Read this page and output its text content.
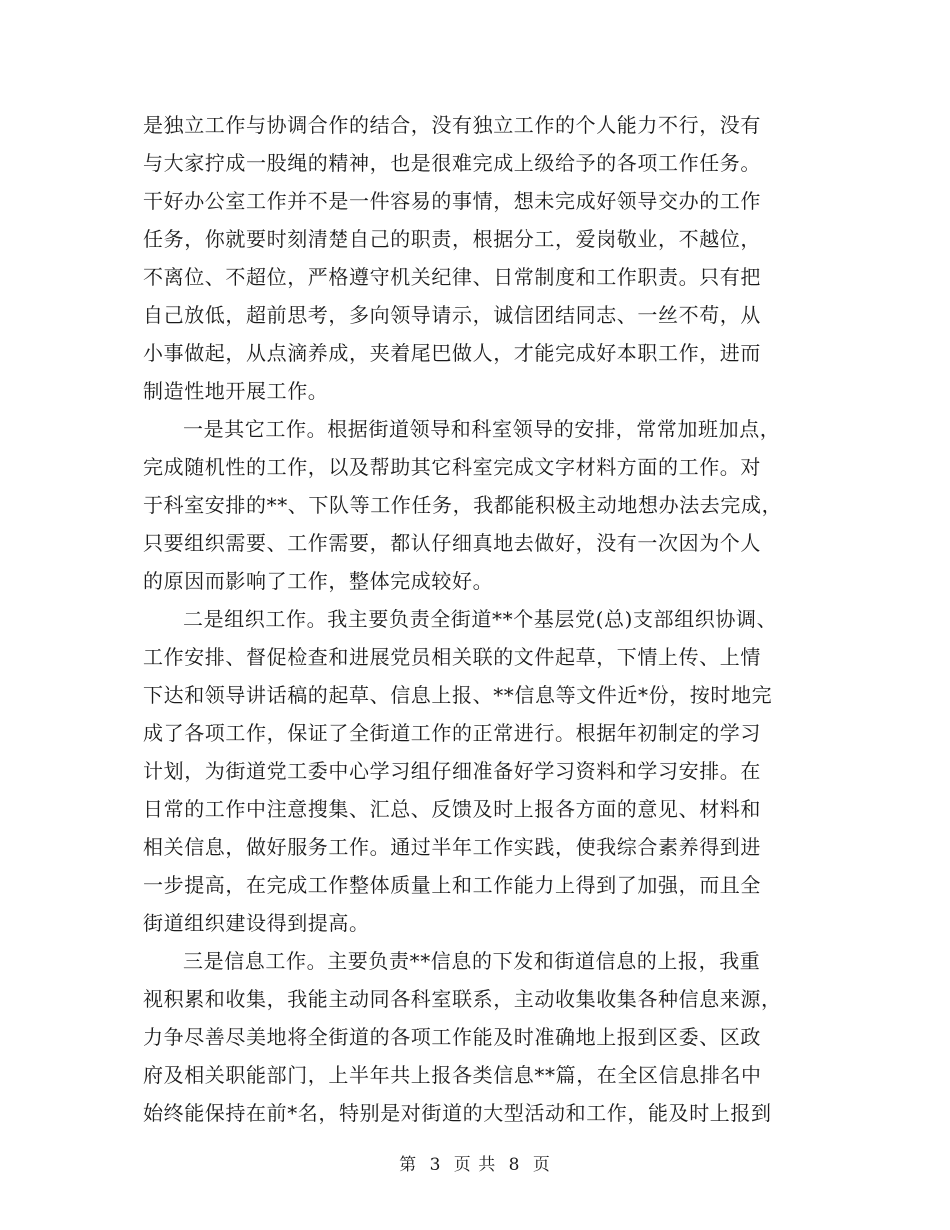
是独立工作与协调合作的结合，没有独立工作的个人能力不行，没有
与大家拧成一股绳的精神，也是很难完成上级给予的各项工作任务。
干好办公室工作并不是一件容易的事情，想未完成好领导交办的工作
任务，你就要时刻清楚自己的职责，根据分工，爱岗敬业，不越位，
不离位、不超位，严格遵守机关纪律、日常制度和工作职责。只有把
自己放低，超前思考，多向领导请示，诚信团结同志、一丝不苟，从
小事做起，从点滴养成，夹着尾巴做人，才能完成好本职工作，进而
制造性地开展工作。
一是其它工作。根据街道领导和科室领导的安排，常常加班加点，
完成随机性的工作，以及帮助其它科室完成文字材料方面的工作。对
于科室安排的**、下队等工作任务，我都能积极主动地想办法去完成，
只要组织需要、工作需要，都认仔细真地去做好，没有一次因为个人
的原因而影响了工作，整体完成较好。
二是组织工作。我主要负责全街道**个基层党(总)支部组织协调、
工作安排、督促检查和进展党员相关联的文件起草，下情上传、上情
下达和领导讲话稿的起草、信息上报、**信息等文件近*份，按时地完
成了各项工作，保证了全街道工作的正常进行。根据年初制定的学习
计划，为街道党工委中心学习组仔细准备好学习资料和学习安排。在
日常的工作中注意搜集、汇总、反馈及时上报各方面的意见、材料和
相关信息，做好服务工作。通过半年工作实践，使我综合素养得到进
一步提高，在完成工作整体质量上和工作能力上得到了加强，而且全
街道组织建设得到提高。
三是信息工作。主要负责**信息的下发和街道信息的上报，我重
视积累和收集，我能主动同各科室联系，主动收集收集各种信息来源，
力争尽善尽美地将全街道的各项工作能及时准确地上报到区委、区政
府及相关职能部门，上半年共上报各类信息**篇，在全区信息排名中
始终能保持在前*名，特别是对街道的大型活动和工作，能及时上报到
第 3 页 共 8 页
